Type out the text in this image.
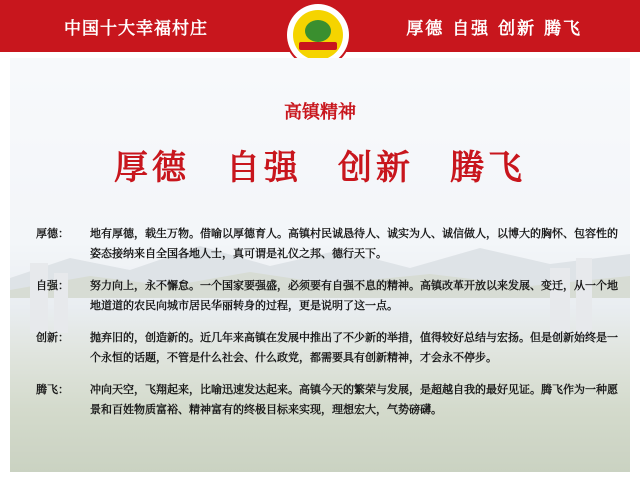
中国十大幸福村庄	厚德 自强 创新 腾飞
高镇精神
厚德 自强 创新 腾飞
厚德： 地有厚德，载生万物。借喻以厚德育人。高镇村民诚恳待人、诚实为人、诚信做人，以博大的胸怀、包容性的姿态接纳来自全国各地人士，真可谓是礼仪之邦、德行天下。
自强： 努力向上，永不懈怠。一个国家要强盛，必须要有自强不息的精神。高镇改革开放以来发展、变迁，从一个地地道道的农民向城市居民华丽转身的过程，更是说明了这一点。
创新： 抛弃旧的，创造新的。近几年来高镇在发展中推出了不少新的举措，值得较好总结与宏扬。但是创新始终是一个永恒的话题，不管是什么社会、什么政党，都需要具有创新精神，才会永不停步。
腾飞： 冲向天空，飞翔起来，比喻迅速发达起来。高镇今天的繁荣与发展，是超越自我的最好见证。腾飞作为一种愿景和百姓物质富裕、精神富有的终极目标来实现，理想宏大，气势磅礴。
